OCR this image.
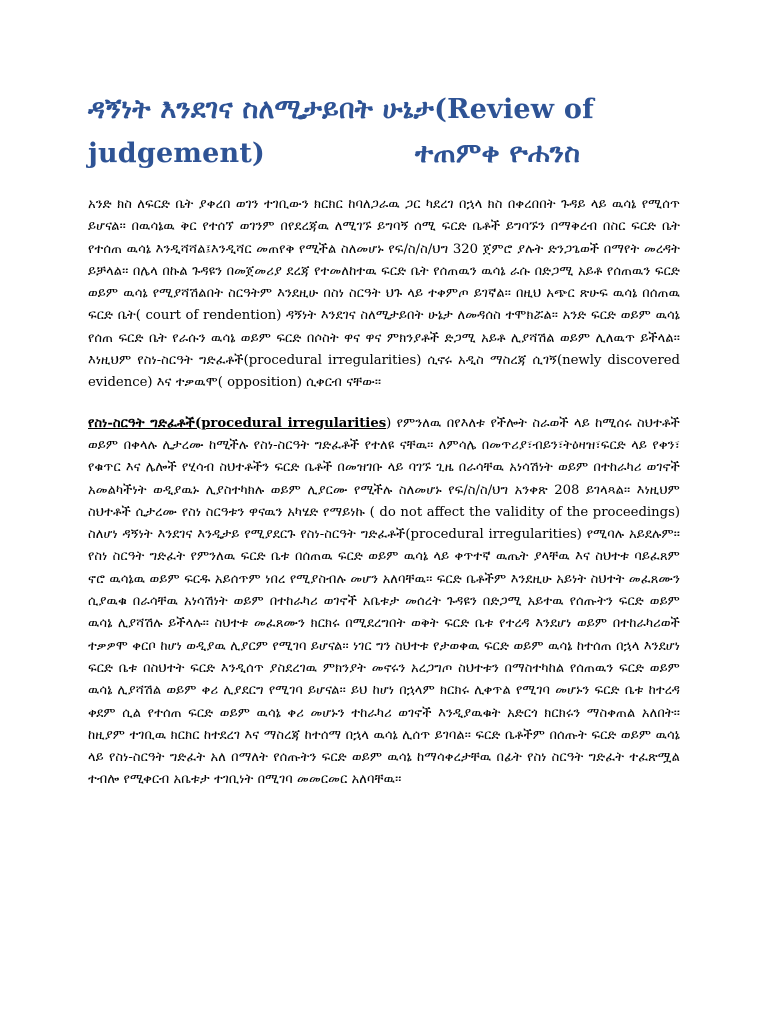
ዳኝነት እንደገና ስለሚታይበት ሁኔታ(Review of judgement)	ተጠምቀ ዮሐንስ

አንድ ክስ ለፍርድ ቤት ያቀረበ ወገን ተገቢውን ክርክር ከባለጋራዉ ጋር ካደረገ በኋላ ክስ በቀረበበት ጉዳይ ላይ ዉሳኔ የሚሰጥ ይሆናል፡፡ በዉሳኔዉ ቅር የተሰኘ ወገንም በየደረጃዉ ለሚገኙ ይግባኝ ሰሚ ፍርድ ቤቶች ይግባኙን በማቅረብ በስር ፍርድ ቤት የተሰጠ ዉሳኔ እንዲሻሻል፤እንዲሻር መጠየቅ የሚችል ስለመሆኑ የፍ/ስ/ስ/ህግ 320 ጀምሮ ያሉት ድንጋጌወች በማየት መረዳት ይቻላል፡፡ በሌላ በኩል ጉዳዩን በመጀመሪያ ደረጃ የተመለከተዉ ፍርድ ቤት የሰጠዉን ዉሳኔ ራሱ በድጋሚ አይቶ የሰጠዉን ፍርድ ወይም ዉሳኔ የሚያሻሽልበት ስርዓትም እንደዚሁ በስነ ስርዓት ህጉ ላይ ተቀምጦ ይገኛል፡፡ በዚህ አጭር ጽሁፍ ዉሳኔ በሰጠዉ ፍርድ ቤት( court of rendention) ዳኝነት እንደገና ስለሚታይበት ሁኔታ ለመዳሰስ ተሞክሯል፡፡ አንድ ፍርድ ወይም ዉሳኔ የሰጠ ፍርድ ቤት የራሱን ዉሳኔ ወይም ፍርድ በሶስት ዋና ዋና ምክንያቶች ድጋሚ አይቶ ሊያሻሽል ወይም ሊለዉጥ ይችላል፡፡ እነዚህም የስነ-ስርዓት ግድፈቶች(procedural irregularities) ሲኖሩ አዲስ ማስረጃ ሲገኝ(newly discovered evidence) እና ተቃዉሞ( opposition) ሲቀርብ ናቸው፡፡

የስነ-ስርዓት ግድፈቶች(procedural irregularities) የምንለዉ በየእለቱ የችሎት ስራወች ላይ ከሚሰሩ ስህተቶች ወይም በቀላሉ ሊታረሙ ከሚችሉ የስነ-ስርዓት ግድፈቶች የተለዩ ናቸዉ፡፡ ለምሳሌ በመጥሪያ፣ብይን፣ትዕዛዝ፣ፍርድ ላይ የቀን፣ የቁጥር እና ሌሎች የሂሳብ ስህተቶችን ፍርድ ቤቶች በመዝገቡ ላይ ባገኙ ጊዜ በራሳቸዉ አነሳሽነት ወይም በተከራካሪ ወገኖች አመልካችነት ወዲያዉኑ ሊያስተካክሉ ወይም ሊያርሙ የሚችሉ ስለመሆኑ የፍ/ስ/ስ/ህግ አንቀጽ 208 ይገላጻል፡፡ እነዚህም ስህተቶች ሲታረሙ የስነ ስርዓቱን ዋናዉን አካሄድ የማይነኩ ( do not affect the validity of the proceedings) ስለሆነ ዳኝነት እንደገና እንዲታይ የሚያደርጉ የስነ-ስርዓት ግድፈቶች(procedural irregularities) የሚባሉ አይደሉም፡፡ የስነ ስርዓት ግድፈት የምንለዉ ፍርድ ቤቱ በሰጠዉ ፍርድ ወይም ዉሳኔ ላይ ቀጥተኛ ዉጤት ያላቸዉ እና ስህተቱ ባይፈጸም ኖሮ ዉሳኔዉ ወይም ፍርዱ አይሰጥም ነበረ የሚያስብሉ መሆን አለባቸዉ፡፡ ፍርድ ቤቶችም እንደዚሁ አይነት ስህተት መፈጸሙን ሲያዉቁ በራሳቸዉ አነሳሽነት ወይም በተከራካሪ ወገኖች አቤቱታ መሰረት ጉዳዩን በድጋሚ አይተዉ የሰጡትን ፍርድ ወይም ዉሳኔ ሊያሻሽሉ ይችላሉ፡፡ ስህተቱ መፈጸሙን ክርክሩ በሚደረግበት ወቅት ፍርድ ቤቱ የተረዳ እንደሆነ ወይም በተከራካሪወች ተቃዎሞ ቀርቦ ከሆነ ወዲያዉ ሊያርም የሚገባ ይሆናል፡፡ ነገር ግን ስህተቱ የታወቀዉ ፍርድ ወይም ዉሳኔ ከተሰጠ በኋላ እንደሆነ ፍርድ ቤቱ በስህተት ፍርድ እንዲሰጥ ያስደረገዉ ምክንያት መኖሩን አረጋግጦ ስህተቱን በማስተካከል የሰጠዉን ፍርድ ወይም ዉሳኔ ሊያሻሽል ወይም ቀሪ ሊያደርግ የሚገባ ይሆናል፡፡ ይህ ከሆነ በኋላም ክርክሩ ሊቀጥል የሚገባ መሆኑን ፍርድ ቤቱ ከተረዳ ቀደም ሲል የተሰጠ ፍርድ ወይም ዉሳኔ ቀሪ መሆኑን ተከራካሪ ወገኖች እንዲያዉቁት አድርጎ ክርክሩን ማስቀጠል አለበት፡፡ ከዚያም ተገቢዉ ክርክር ከተደረገ እና ማስረጃ ከተሰማ በኋላ ዉሳኔ ሊሰጥ ይገባል፡፡ ፍርድ ቤቶችም በሰጡት ፍርድ ወይም ዉሳኔ ላይ የስነ-ስርዓት ግድፈት አለ በማለት የሰጡትን ፍርድ ወይም ዉሳኔ ከማሳቀረታቸዉ በፊት የስነ ስርዓት ግድፈት ተፈጽሟል ተብሎ የሚቀርብ አቤቱታ ተገቢነት በሚገባ መመርመር አለባቸዉ፡፡
